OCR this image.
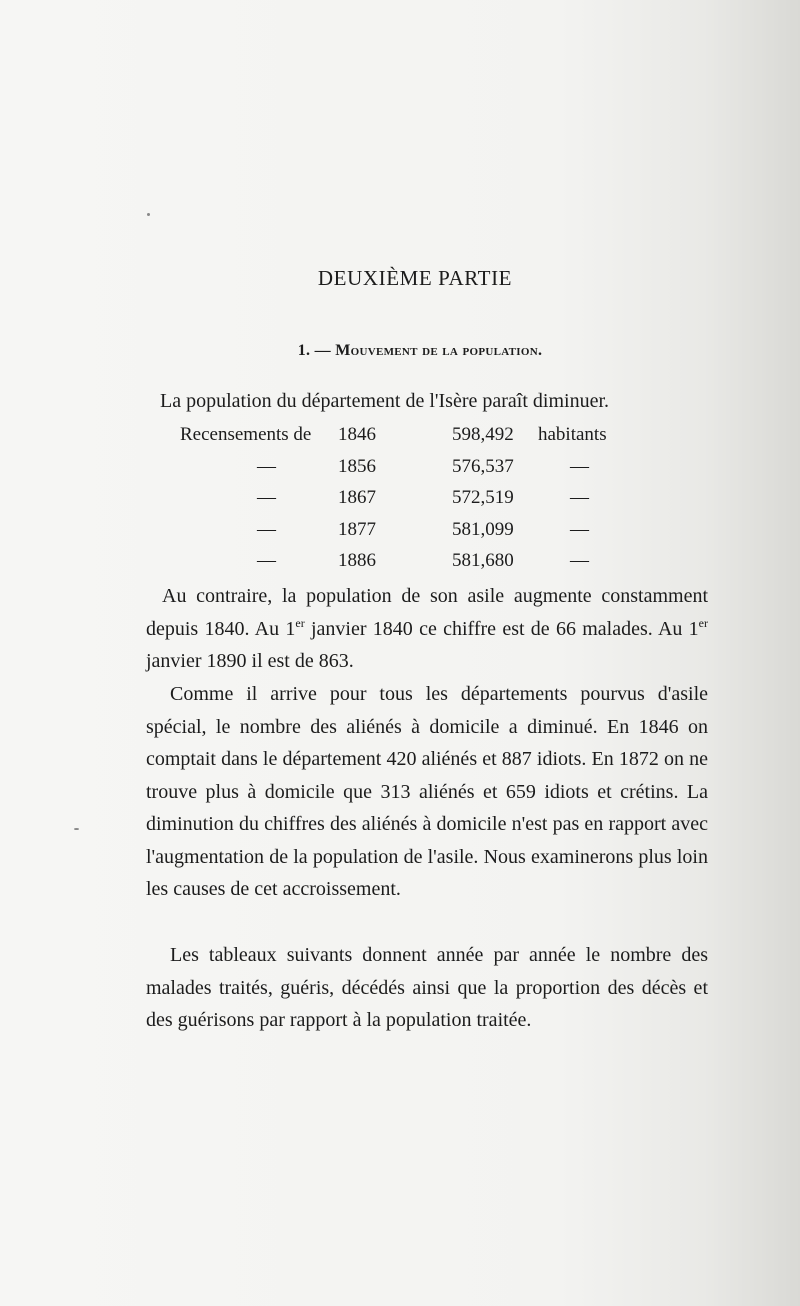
DEUXIÈME PARTIE
1. — Mouvement de la population.
La population du département de l'Isère paraît diminuer.
Recensements de 1846	598,492 habitants
—	1856	576,537	—
—	1867	572,519	—
—	1877	581,099	—
—	1886	581,680	—
Au contraire, la population de son asile augmente constamment depuis 1840. Au 1er janvier 1840 ce chiffre est de 66 malades. Au 1er janvier 1890 il est de 863.
Comme il arrive pour tous les départements pourvus d'asile spécial, le nombre des aliénés à domicile a diminué. En 1846 on comptait dans le département 420 aliénés et 887 idiots. En 1872 on ne trouve plus à domicile que 313 aliénés et 659 idiots et crétins. La diminution du chiffres des aliénés à domicile n'est pas en rapport avec l'augmentation de la population de l'asile. Nous examinerons plus loin les causes de cet accroissement.
Les tableaux suivants donnent année par année le nombre des malades traités, guéris, décédés ainsi que la proportion des décès et des guérisons par rapport à la population traitée.
